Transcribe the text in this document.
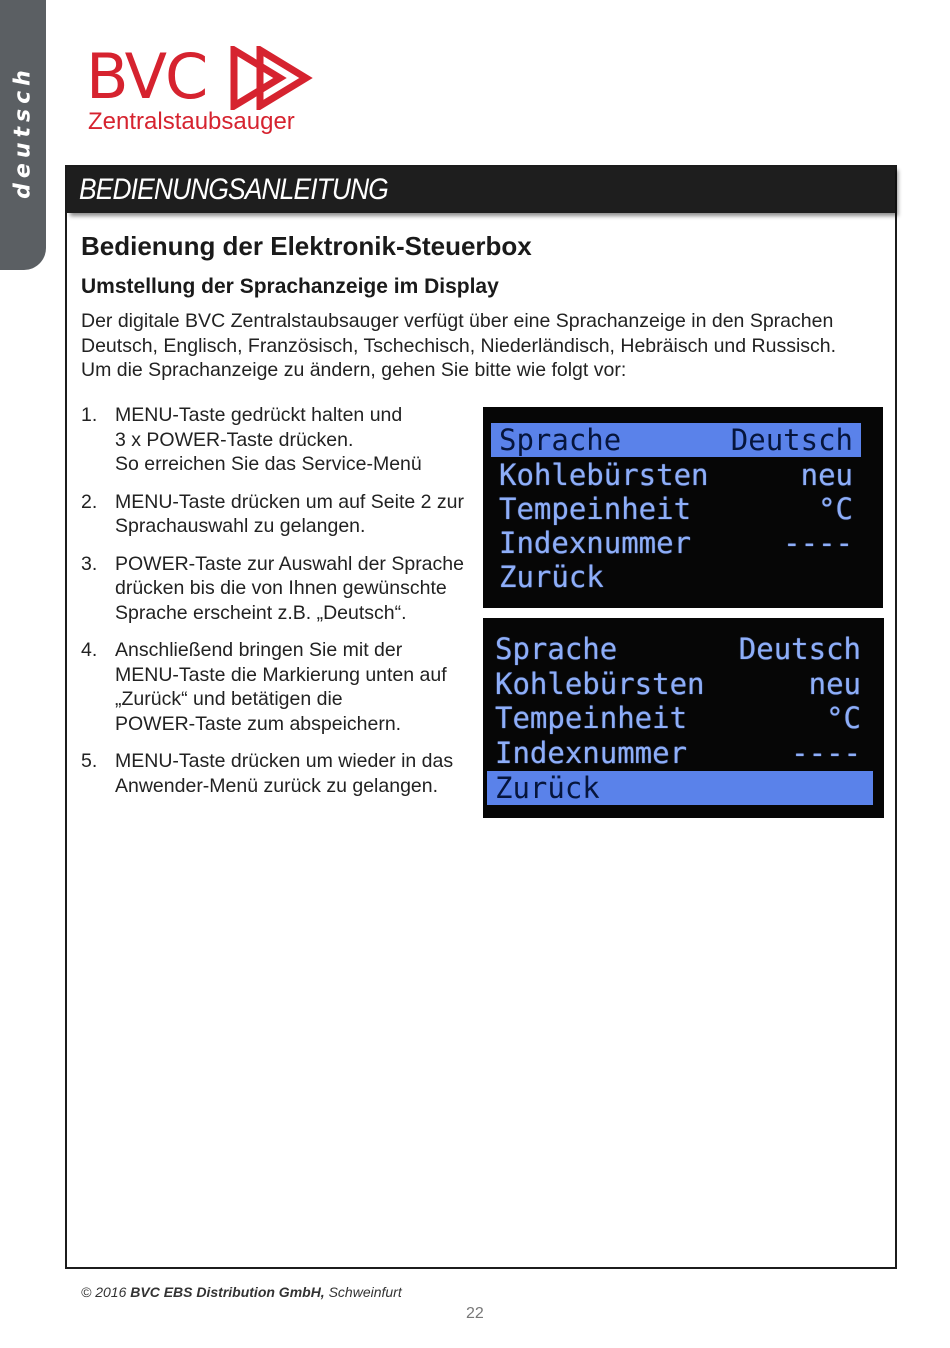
deutsch BVC
Zentralstaubsauger
BEDIENUNGSANLEITUNG
Bedienung der Elektronik-Steuerbox
Umstellung der Sprachanzeige im Display

Der digitale BVC Zentralstaubsauger verfügt über eine Sprachanzeige in den Sprachen
Deutsch, Englisch, Französisch, Tschechisch, Niederländisch, Hebräisch und Russisch.
Um die Sprachanzeige zu ändern, gehen Sie bitte wie folgt vor:

1. MENU-Taste gedrückt halten und
3 x POWER-Taste drücken.
So erreichen Sie das Service-Menü
2. MENU-Taste drücken um auf Seite 2 zur
Sprachauswahl zu gelangen.
3. POWER-Taste zur Auswahl der Sprache
drücken bis die von Ihnen gewünschte
Sprache erscheint z.B. „Deutsch“.
4. Anschließend bringen Sie mit der
MENU-Taste die Markierung unten auf
„Zurück“ und betätigen die
POWER-Taste zum abspeichern.
5. MENU-Taste drücken um wieder in das
Anwender-Menü zurück zu gelangen.
Sprache	Deutsch
Kohlebürsten	neu
Tempeinheit	°C
Indexnummer	----
Zurück
Sprache	Deutsch
Kohlebürsten	neu
Tempeinheit	°C
Indexnummer	----
Zurück
© 2016 BVC EBS Distribution GmbH, Schweinfurt
22
